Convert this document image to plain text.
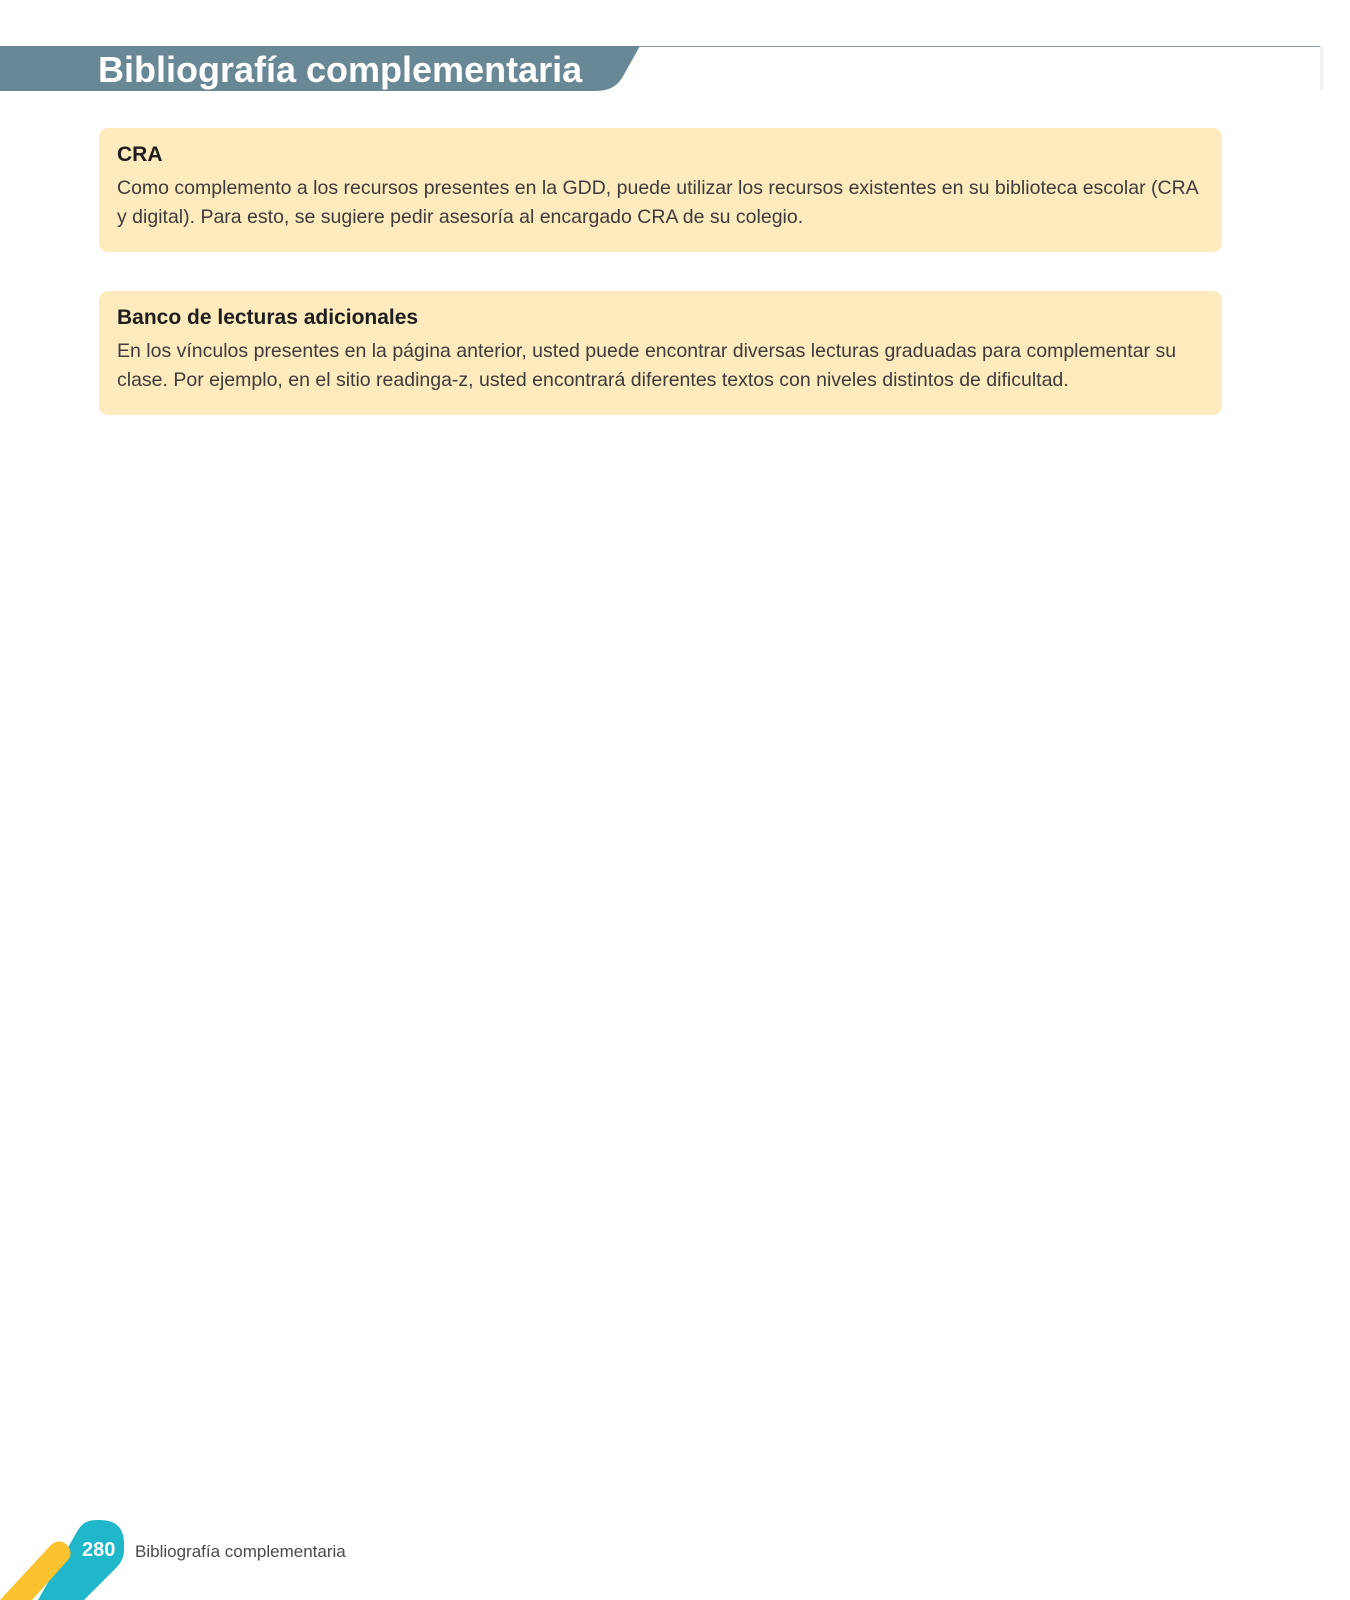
Bibliografía complementaria
CRA

Como complemento a los recursos presentes en la GDD, puede utilizar los recursos existentes en su biblioteca escolar (CRA y digital). Para esto, se sugiere pedir asesoría al encargado CRA de su colegio.

Banco de lecturas adicionales

En los vínculos presentes en la página anterior, usted puede encontrar diversas lecturas graduadas para complementar su clase. Por ejemplo, en el sitio readinga-z, usted encontrará diferentes textos con niveles distintos de dificultad.

280 Bibliografía complementaria
